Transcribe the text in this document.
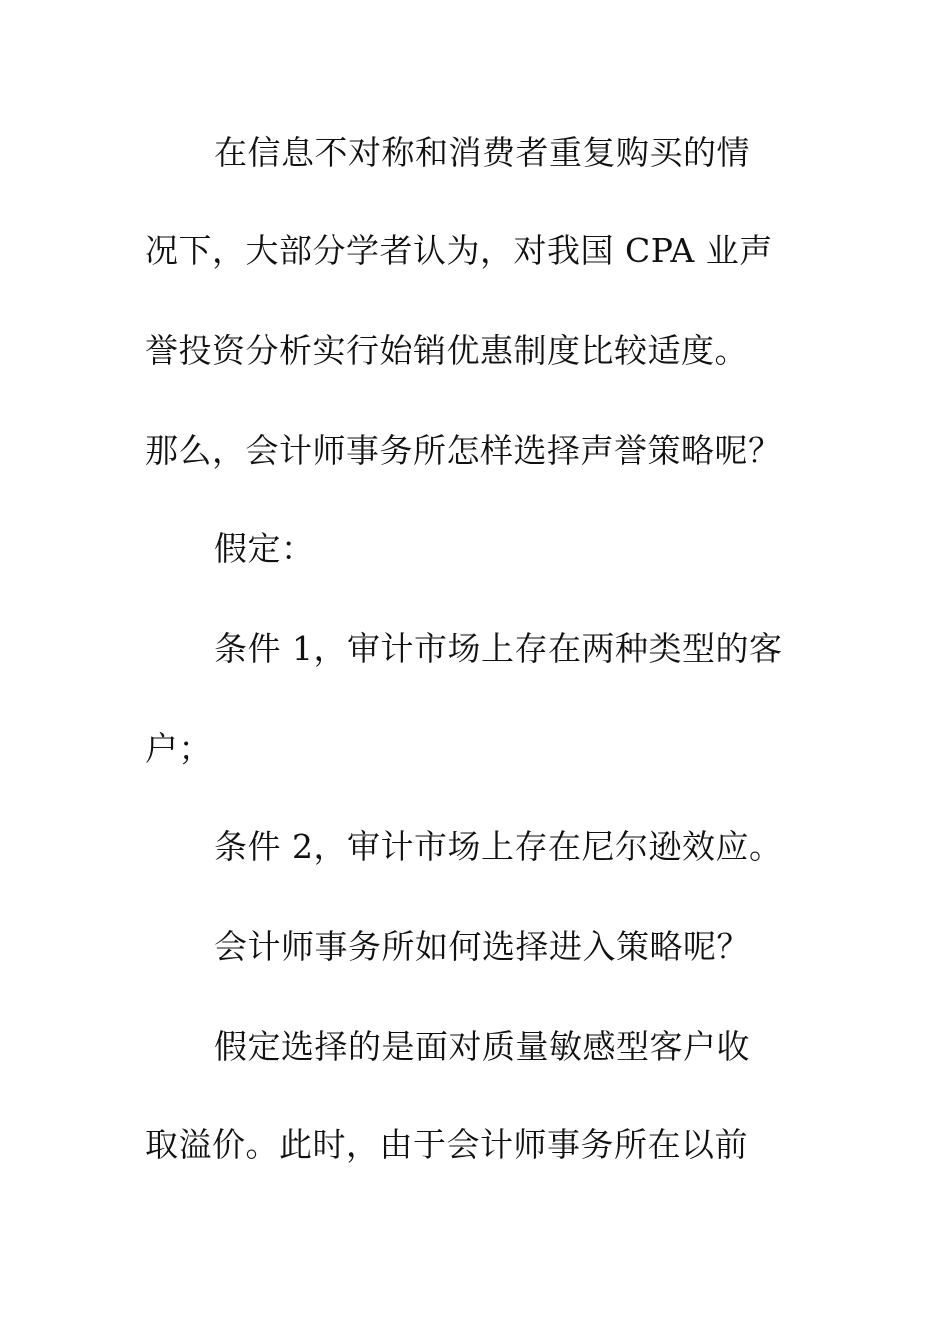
在信息不对称和消费者重复购买的情
况下，大部分学者认为，对我国 CPA 业声
誉投资分析实行始销优惠制度比较适度。
那么，会计师事务所怎样选择声誉策略呢？
假定：
条件 1，审计市场上存在两种类型的客
户；
条件 2，审计市场上存在尼尔逊效应。
会计师事务所如何选择进入策略呢？
假定选择的是面对质量敏感型客户收
取溢价。此时，由于会计师事务所在以前
